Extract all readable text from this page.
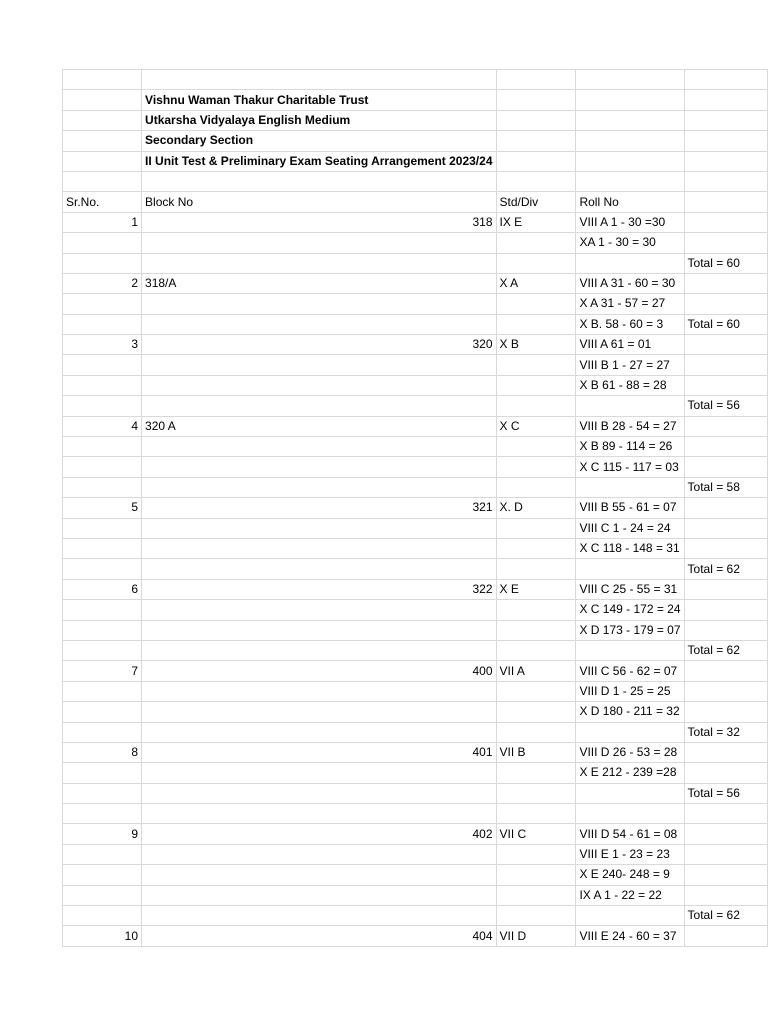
	Vishnu Waman Thakur Charitable Trust			
	Utkarsha Vidyalaya English Medium			
	Secondary Section			
	II Unit Test & Preliminary Exam Seating Arrangement 2023/24			

Sr.No.	Block No	Std/Div	Roll No	
1	318	IX E	VIII A 1 - 30 =30	
			XA 1 - 30 = 30	
				Total = 60
2	318/A	X A	VIII A 31 - 60 = 30	
			X A 31 - 57 = 27	
			X B. 58 - 60 = 3	Total = 60
3	320	X B	VIII A 61 = 01	
			VIII B 1 - 27 = 27	
			X B 61 - 88 = 28	
				Total = 56
4	320 A	X C	VIII B 28 - 54 = 27	
			X B 89 - 114 = 26	
			X C 115 - 117 = 03	
				Total = 58
5	321	X. D	VIII B 55 - 61 = 07	
			VIII C 1 - 24 = 24	
			X C 118 - 148 = 31	
				Total = 62
6	322	X E	VIII C 25 - 55 = 31	
			X C 149 - 172 = 24	
			X D 173 - 179 = 07	
				Total = 62
7	400	VII A	VIII C 56 - 62 = 07	
			VIII D 1 - 25 = 25	
			X D 180 - 211 = 32	
				Total = 32
8	401	VII B	VIII D 26 - 53 = 28	
			X E 212 - 239 =28	
				Total = 56

9	402	VII C	VIII D 54 - 61 = 08	
			VIII E 1 - 23 = 23	
			X E 240- 248 = 9	
			IX A 1 - 22 = 22	
				Total = 62
10	404	VII D	VIII E 24 - 60 = 37	
